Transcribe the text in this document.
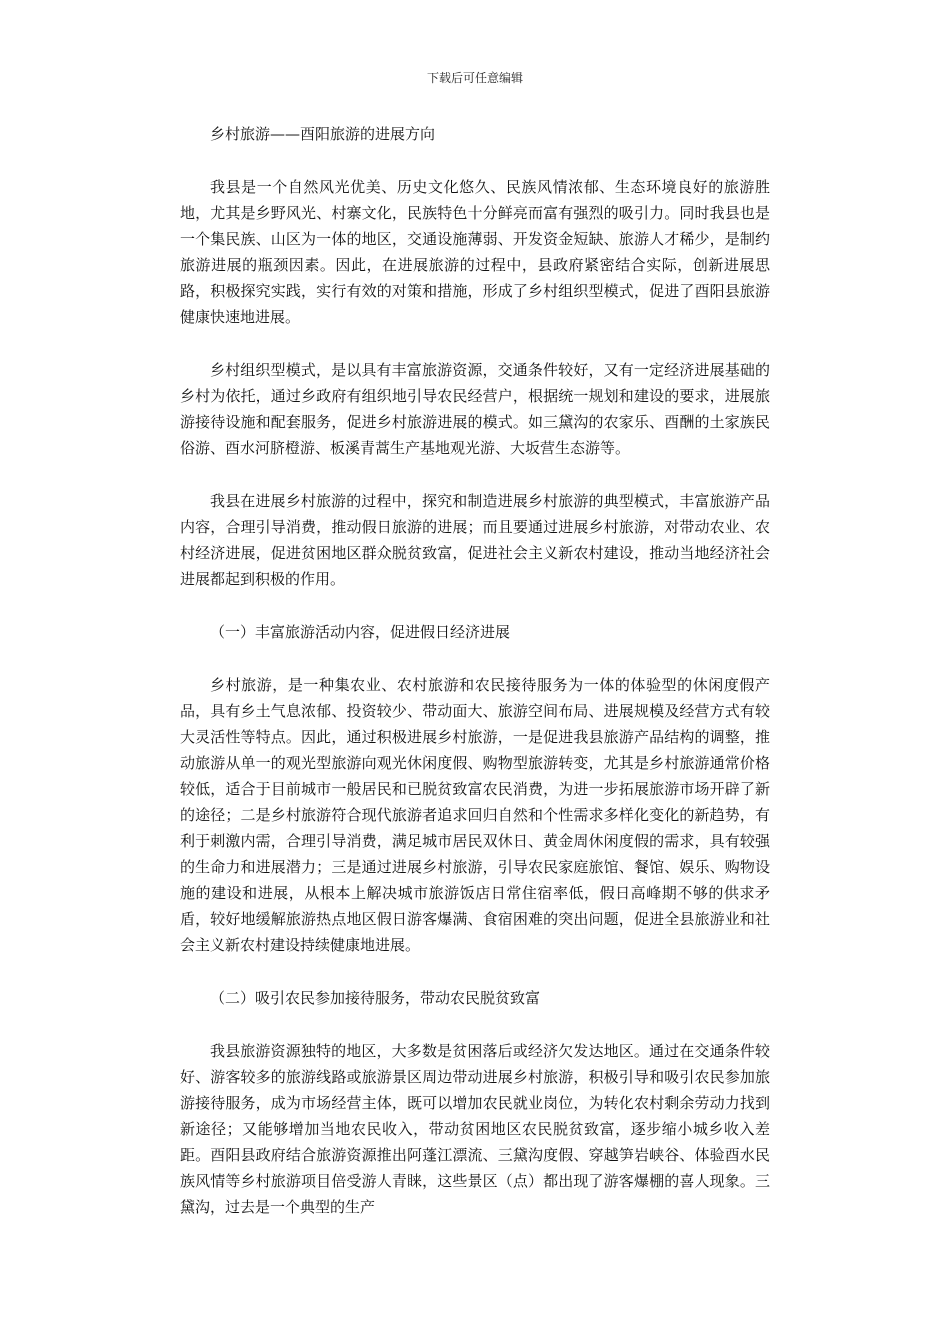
下载后可任意编辑

乡村旅游——酉阳旅游的进展方向

我县是一个自然风光优美、历史文化悠久、民族风情浓郁、生态环境良好的旅游胜地，尤其是乡野风光、村寨文化，民族特色十分鲜亮而富有强烈的吸引力。同时我县也是一个集民族、山区为一体的地区，交通设施薄弱、开发资金短缺、旅游人才稀少，是制约旅游进展的瓶颈因素。因此，在进展旅游的过程中，县政府紧密结合实际，创新进展思路，积极探究实践，实行有效的对策和措施，形成了乡村组织型模式，促进了酉阳县旅游健康快速地进展。

乡村组织型模式，是以具有丰富旅游资源，交通条件较好，又有一定经济进展基础的乡村为依托，通过乡政府有组织地引导农民经营户，根据统一规划和建设的要求，进展旅游接待设施和配套服务，促进乡村旅游进展的模式。如三黛沟的农家乐、酉酬的土家族民俗游、酉水河脐橙游、板溪青蒿生产基地观光游、大坂营生态游等。

我县在进展乡村旅游的过程中，探究和制造进展乡村旅游的典型模式，丰富旅游产品内容，合理引导消费，推动假日旅游的进展；而且要通过进展乡村旅游，对带动农业、农村经济进展，促进贫困地区群众脱贫致富，促进社会主义新农村建设，推动当地经济社会进展都起到积极的作用。

（一）丰富旅游活动内容，促进假日经济进展

乡村旅游，是一种集农业、农村旅游和农民接待服务为一体的体验型的休闲度假产品，具有乡土气息浓郁、投资较少、带动面大、旅游空间布局、进展规模及经营方式有较大灵活性等特点。因此，通过积极进展乡村旅游，一是促进我县旅游产品结构的调整，推动旅游从单一的观光型旅游向观光休闲度假、购物型旅游转变，尤其是乡村旅游通常价格较低，适合于目前城市一般居民和已脱贫致富农民消费，为进一步拓展旅游市场开辟了新的途径；二是乡村旅游符合现代旅游者追求回归自然和个性需求多样化变化的新趋势，有利于刺激内需，合理引导消费，满足城市居民双休日、黄金周休闲度假的需求，具有较强的生命力和进展潜力；三是通过进展乡村旅游，引导农民家庭旅馆、餐馆、娱乐、购物设施的建设和进展，从根本上解决城市旅游饭店日常住宿率低，假日高峰期不够的供求矛盾，较好地缓解旅游热点地区假日游客爆满、食宿困难的突出问题，促进全县旅游业和社会主义新农村建设持续健康地进展。

（二）吸引农民参加接待服务，带动农民脱贫致富

我县旅游资源独特的地区，大多数是贫困落后或经济欠发达地区。通过在交通条件较好、游客较多的旅游线路或旅游景区周边带动进展乡村旅游，积极引导和吸引农民参加旅游接待服务，成为市场经营主体，既可以增加农民就业岗位，为转化农村剩余劳动力找到新途径；又能够增加当地农民收入，带动贫困地区农民脱贫致富，逐步缩小城乡收入差距。酉阳县政府结合旅游资源推出阿蓬江漂流、三黛沟度假、穿越笋岩峡谷、体验酉水民族风情等乡村旅游项目倍受游人青睐，这些景区（点）都出现了游客爆棚的喜人现象。三黛沟，过去是一个典型的生产
